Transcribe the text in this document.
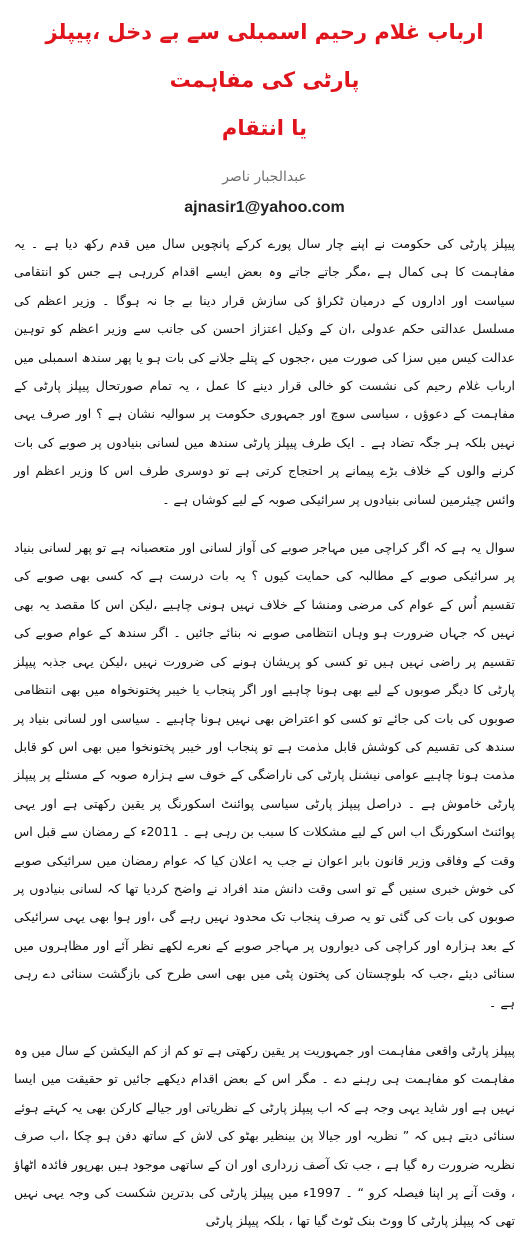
ارباب غلام رحیم اسمبلی سے بے دخل ،پیپلز پارٹی کی مفاہمت
یا انتقام
عبدالجبار ناصر
ajnasir1@yahoo.com

پیپلز پارٹی کی حکومت نے اپنے چار سال پورے کرکے پانچویں سال میں قدم رکھ دیا ہے ۔ یہ مفاہمت کا ہی کمال ہے ،مگر جاتے جاتے وہ بعض ایسے اقدام کررہی ہے جس کو انتقامی سیاست اور اداروں کے درمیان ٹکراؤ کی سازش قرار دینا بے جا نہ ہوگا ۔ وزیر اعظم کی مسلسل عدالتی حکم عدولی ،ان کے وکیل اعتزاز احسن کی جانب سے وزیر اعظم کو توہین عدالت کیس میں سزا کی صورت میں ،ججوں کے پتلے جلانے کی بات ہو یا پھر سندھ اسمبلی میں ارباب غلام رحیم کی نشست کو خالی قرار دینے کا عمل ، یہ تمام صورتحال پیپلز پارٹی کے مفاہمت کے دعوؤں ، سیاسی سوچ اور جمہوری حکومت پر سوالیہ نشان ہے ؟ اور صرف یہی نہیں بلکہ ہر جگہ تضاد ہے ۔ ایک طرف پیپلز پارٹی سندھ میں لسانی بنیادوں پر صوبے کی بات کرنے والوں کے خلاف بڑے پیمانے پر احتجاج کرتی ہے تو دوسری طرف اس کا وزیر اعظم اور وائس چیئرمین لسانی بنیادوں پر سرائیکی صوبہ کے لیے کوشاں ہے ۔

سوال یہ ہے کہ اگر کراچی میں مہاجر صوبے کی آواز لسانی اور متعصبانہ ہے تو پھر لسانی بنیاد پر سرائیکی صوبے کے مطالبہ کی حمایت کیوں ؟ یہ بات درست ہے کہ کسی بھی صوبے کی تقسیم اُس کے عوام کی مرضی ومنشا کے خلاف نہیں ہونی چاہیے ،لیکن اس کا مقصد یہ بھی نہیں کہ جہاں ضرورت ہو وہاں انتظامی صوبے نہ بنائے جائیں ۔ اگر سندھ کے عوام صوبے کی تقسیم پر راضی نہیں ہیں تو کسی کو پریشان ہونے کی ضرورت نہیں ،لیکن یہی جذبہ پیپلز پارٹی کا دیگر صوبوں کے لیے بھی ہونا چاہیے اور اگر پنجاب یا خیبر پختونخواہ میں بھی انتظامی صوبوں کی بات کی جائے تو کسی کو اعتراض بھی نہیں ہونا چاہیے ۔ سیاسی اور لسانی بنیاد پر سندھ کی تقسیم کی کوشش قابل مذمت ہے تو پنجاب اور خیبر پختونخوا میں بھی اس کو قابل مذمت ہونا چاہیے عوامی نیشنل پارٹی کی ناراضگی کے خوف سے ہزارہ صوبہ کے مسئلے پر پیپلز پارٹی خاموش ہے ۔ دراصل پیپلز پارٹی سیاسی پوائنٹ اسکورنگ پر یقین رکھتی ہے اور یہی پوائنٹ اسکورنگ اب اس کے لیے مشکلات کا سبب بن رہی ہے ۔ 2011ء کے رمضان سے قبل اس وقت کے وفاقی وزیر قانون بابر اعوان نے جب یہ اعلان کیا کہ عوام رمضان میں سرائیکی صوبے کی خوش خبری سنیں گے تو اسی وقت دانش مند افراد نے واضح کردیا تھا کہ لسانی بنیادوں پر صوبوں کی بات کی گئی تو یہ صرف پنجاب تک محدود نہیں رہے گی ،اور ہوا بھی یہی سرائیکی کے بعد ہزارہ اور کراچی کی دیواروں پر مہاجر صوبے کے نعرے لکھے نظر آئے اور مظاہروں میں سنائی دیئے ،جب کہ بلوچستان کی پختون پٹی میں بھی اسی طرح کی بازگشت سنائی دے رہی ہے ۔

پیپلز پارٹی واقعی مفاہمت اور جمہوریت پر یقین رکھتی ہے تو کم از کم الیکشن کے سال میں وہ مفاہمت کو مفاہمت ہی رہنے دے ۔ مگر اس کے بعض اقدام دیکھے جائیں تو حقیقت میں ایسا نہیں ہے اور شاید یہی وجہ ہے کہ اب پیپلز پارٹی کے نظریاتی اور جیالے کارکن بھی یہ کہتے ہوئے سنائی دیتے ہیں کہ ” نظریہ اور جیالا پن بینظیر بھٹو کی لاش کے ساتھ دفن ہو چکا ،اب صرف نظریہ ضرورت رہ گیا ہے ، جب تک آصف زرداری اور ان کے ساتھی موجود ہیں بھرپور فائدہ اٹھاؤ ، وقت آنے پر اپنا فیصلہ کرو “ ۔ 1997ء میں پیپلز پارٹی کی بدترین شکست کی وجہ یہی نہیں تھی کہ پیپلز پارٹی کا ووٹ بنک ٹوٹ گیا تھا ، بلکہ پیپلز پارٹی
